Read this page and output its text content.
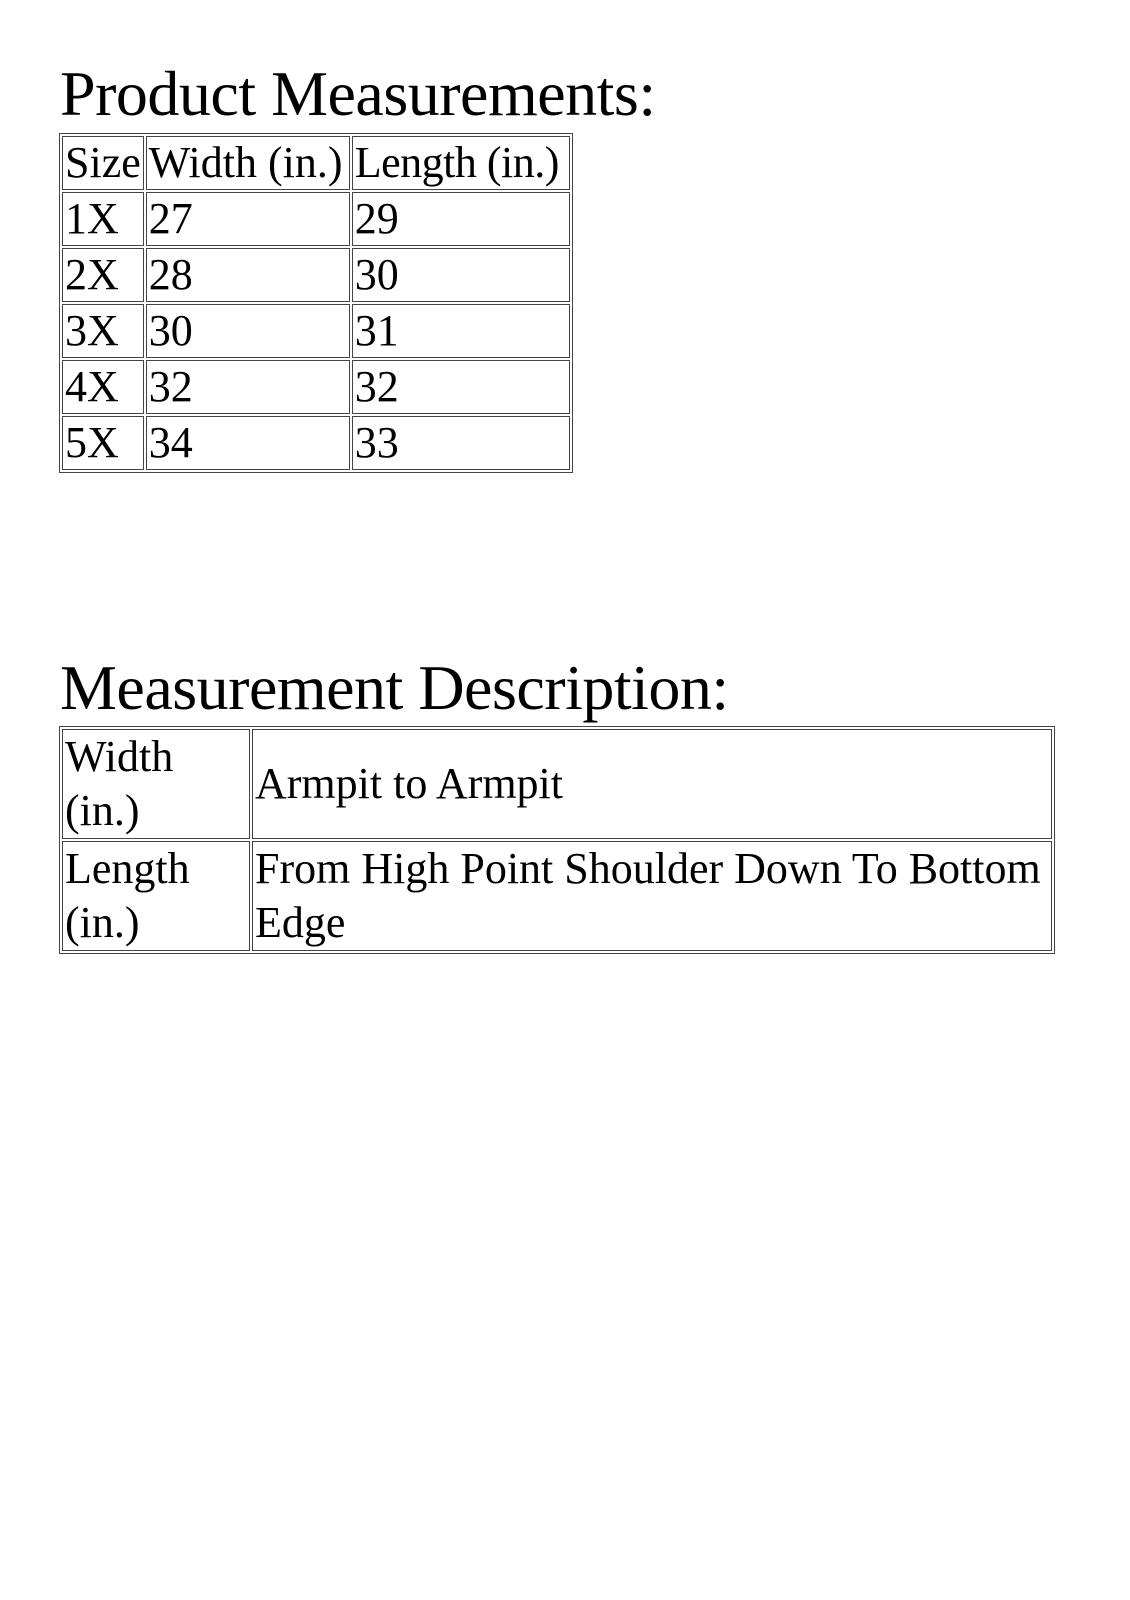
Product Measurements:
Size	Width (in.)	Length (in.)
1X	27	29
2X	28	30
3X	30	31
4X	32	32
5X	34	33
Measurement Description:
Width (in.)	Armpit to Armpit
Length (in.)	From High Point Shoulder Down To Bottom Edge
